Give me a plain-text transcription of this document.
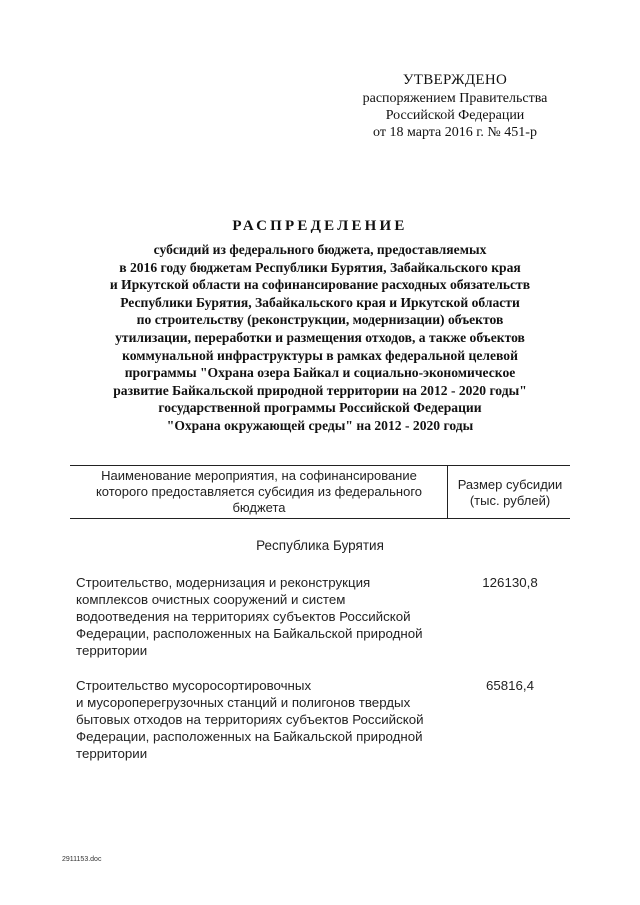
УТВЕРЖДЕНО
распоряжением Правительства
Российской Федерации
от 18 марта 2016 г. № 451-р
РАСПРЕДЕЛЕНИЕ
субсидий из федерального бюджета, предоставляемых
в 2016 году бюджетам Республики Бурятия, Забайкальского края
и Иркутской области на софинансирование расходных обязательств
Республики Бурятия, Забайкальского края и Иркутской области
по строительству (реконструкции, модернизации) объектов
утилизации, переработки и размещения отходов, а также объектов
коммунальной инфраструктуры в рамках федеральной целевой
программы "Охрана озера Байкал и социально-экономическое
развитие Байкальской природной территории на 2012 - 2020 годы"
государственной программы Российской Федерации
"Охрана окружающей среды" на 2012 - 2020 годы
Наименование мероприятия, на софинансирование
которого предоставляется субсидия из федерального
бюджета
Размер субсидии
(тыс. рублей)
Республика Бурятия
Строительство, модернизация и реконструкция
комплексов очистных сооружений и систем
водоотведения на территориях субъектов Российской
Федерации, расположенных на Байкальской природной
территории
126130,8
Строительство мусоросортировочных
и мусороперегрузочных станций и полигонов твердых
бытовых отходов на территориях субъектов Российской
Федерации, расположенных на Байкальской природной
территории
65816,4
2911153.doc
